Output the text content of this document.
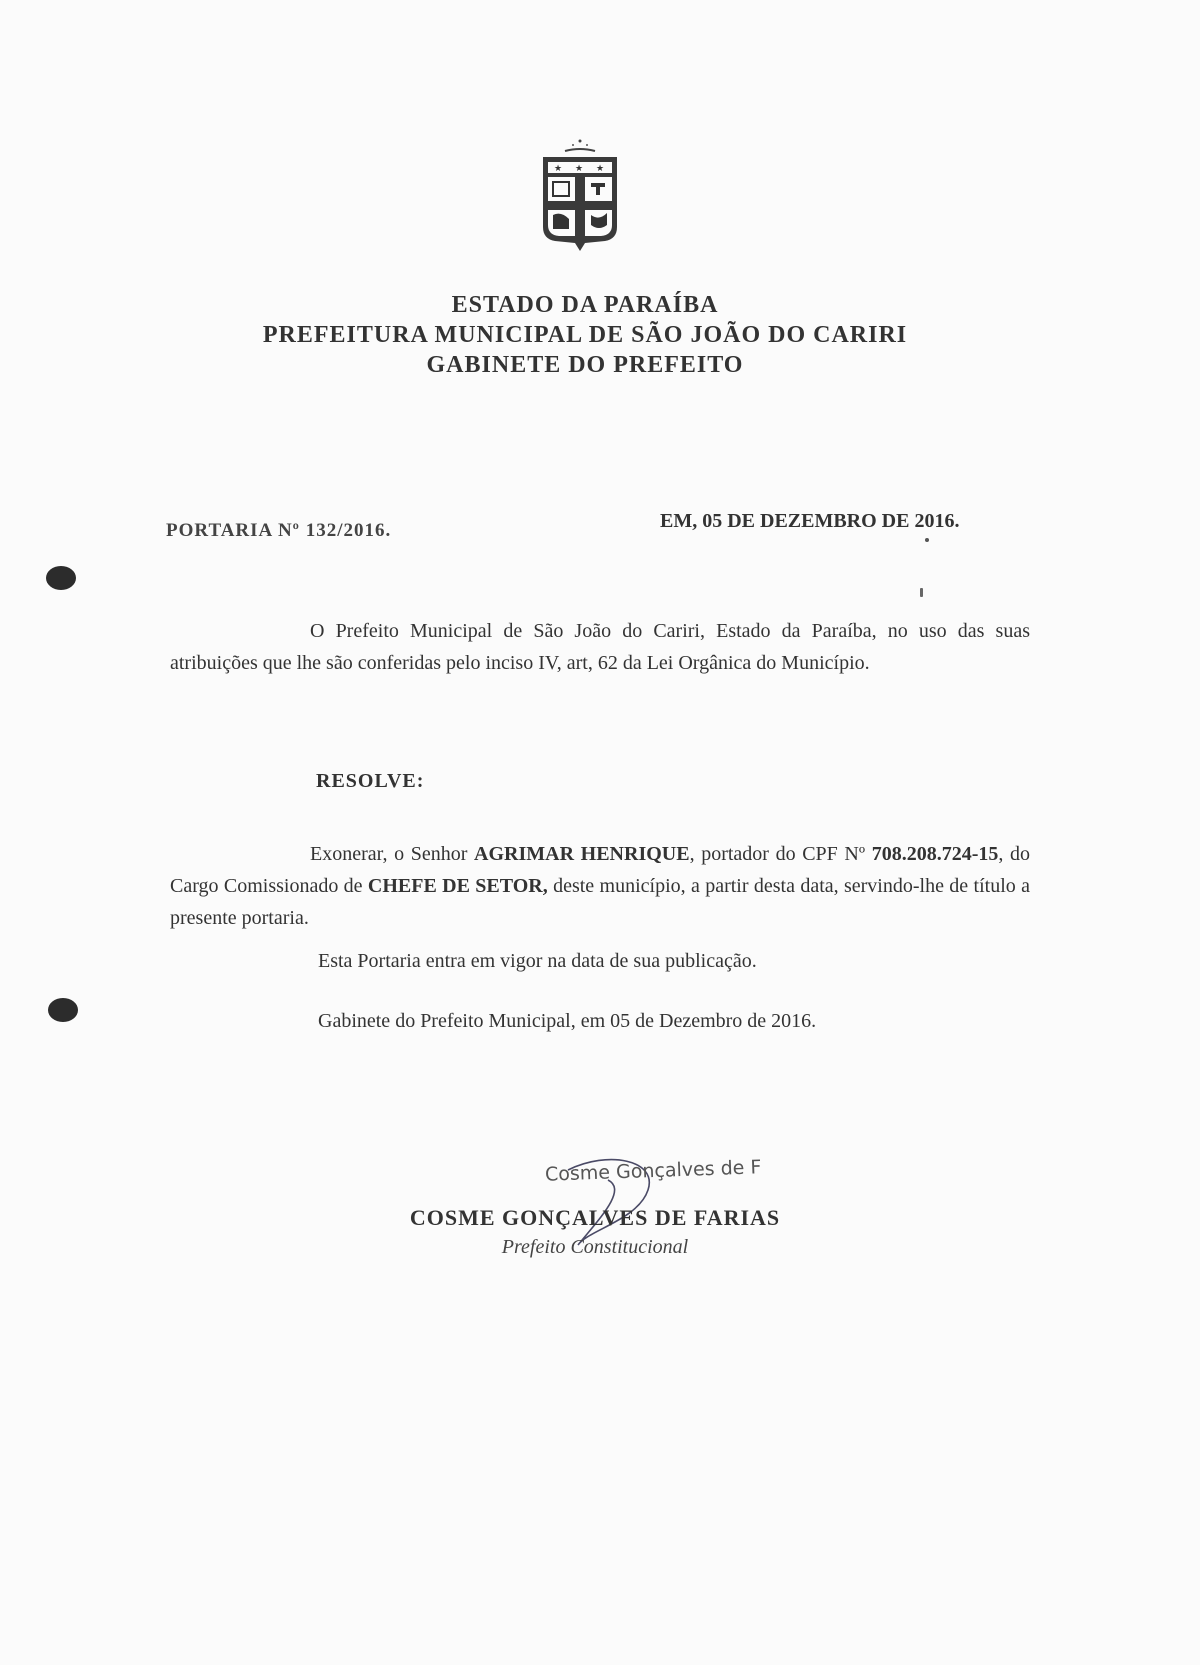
★ ★ ★
ESTADO DA PARAÍBA
PREFEITURA MUNICIPAL DE SÃO JOÃO DO CARIRI
GABINETE DO PREFEITO
PORTARIA Nº 132/2016.	EM, 05 DE DEZEMBRO DE 2016.
O Prefeito Municipal de São João do Cariri, Estado da Paraíba, no uso das suas atribuições que lhe são conferidas pelo inciso IV, art, 62 da Lei Orgânica do Município.
RESOLVE:
Exonerar, o Senhor AGRIMAR HENRIQUE, portador do CPF Nº 708.208.724-15, do Cargo Comissionado de CHEFE DE SETOR, deste município, a partir desta data, servindo-lhe de título a presente portaria.
Esta Portaria entra em vigor na data de sua publicação.
Gabinete do Prefeito Municipal, em 05 de Dezembro de 2016.
Cosme Gonçalves de F
COSME GONÇALVES DE FARIAS
Prefeito Constitucional
